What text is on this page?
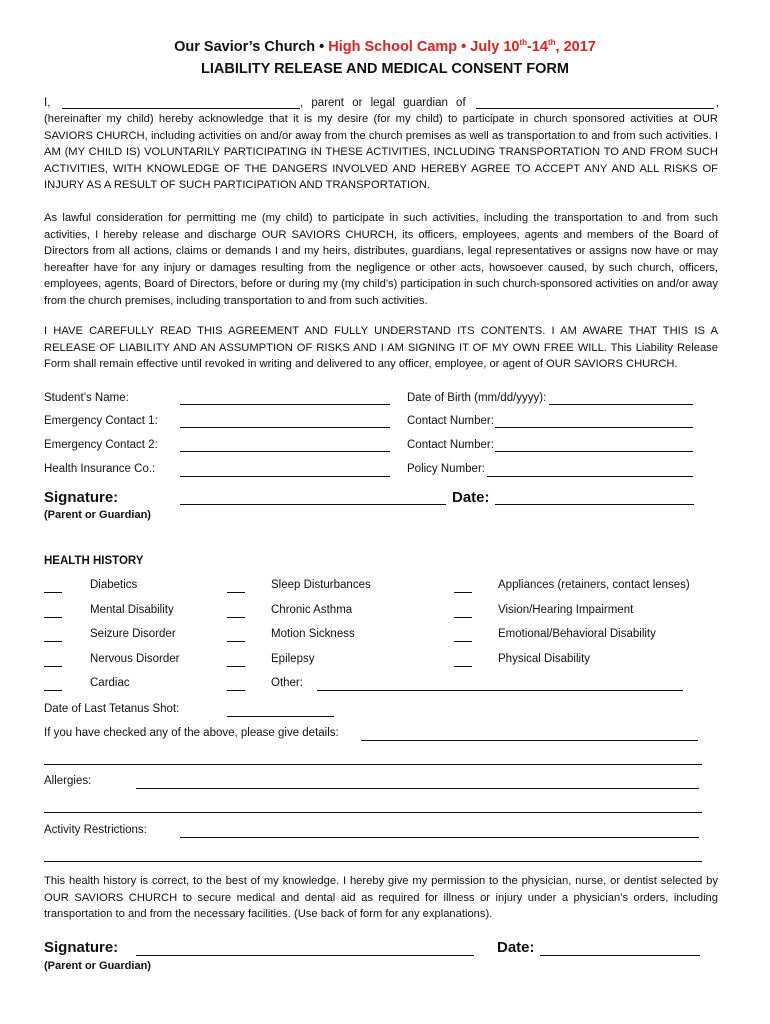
Our Savior’s Church • High School Camp • July 10th-14th, 2017
LIABILITY RELEASE AND MEDICAL CONSENT FORM
I,	, parent or legal guardian of	,
(hereinafter my child) hereby acknowledge that it is my desire (for my child) to participate in church sponsored activities at OUR SAVIORS CHURCH, including activities on and/or away from the church premises as well as transportation to and from such activities. I AM (MY CHILD IS) VOLUNTARILY PARTICIPATING IN THESE ACTIVITIES, INCLUDING TRANSPORTATION TO AND FROM SUCH ACTIVITIES, WITH KNOWLEDGE OF THE DANGERS INVOLVED AND HEREBY AGREE TO ACCEPT ANY AND ALL RISKS OF INJURY AS A RESULT OF SUCH PARTICIPATION AND TRANSPORTATION.
As lawful consideration for permitting me (my child) to participate in such activities, including the transportation to and from such activities, I hereby release and discharge OUR SAVIORS CHURCH, its officers, employees, agents and members of the Board of Directors from all actions, claims or demands I and my heirs, distributes, guardians, legal representatives or assigns now have or may hereafter have for any injury or damages resulting from the negligence or other acts, howsoever caused, by such church, officers, employees, agents, Board of Directors, before or during my (my child’s) participation in such church-sponsored activities on and/or away from the church premises, including transportation to and from such activities.
I HAVE CAREFULLY READ THIS AGREEMENT AND FULLY UNDERSTAND ITS CONTENTS. I AM AWARE THAT THIS IS A RELEASE OF LIABILITY AND AN ASSUMPTION OF RISKS AND I AM SIGNING IT OF MY OWN FREE WILL. This Liability Release Form shall remain effective until revoked in writing and delivered to any officer, employee, or agent of OUR SAVIORS CHURCH.
Student’s Name:	Date of Birth (mm/dd/yyyy):
Emergency Contact 1:	Contact Number:
Emergency Contact 2:	Contact Number:
Health Insurance Co.:	Policy Number:
Signature:	Date:
(Parent or Guardian)
HEALTH HISTORY
Diabetics	Sleep Disturbances	Appliances (retainers, contact lenses)
Mental Disability	Chronic Asthma	Vision/Hearing Impairment
Seizure Disorder	Motion Sickness	Emotional/Behavioral Disability
Nervous Disorder	Epilepsy	Physical Disability
Cardiac	Other:
Date of Last Tetanus Shot:
If you have checked any of the above, please give details:
Allergies:
Activity Restrictions:
This health history is correct, to the best of my knowledge. I hereby give my permission to the physician, nurse, or dentist selected by OUR SAVIORS CHURCH to secure medical and dental aid as required for illness or injury under a physician’s orders, including transportation to and from the necessary facilities. (Use back of form for any explanations).
Signature:	Date:
(Parent or Guardian)
